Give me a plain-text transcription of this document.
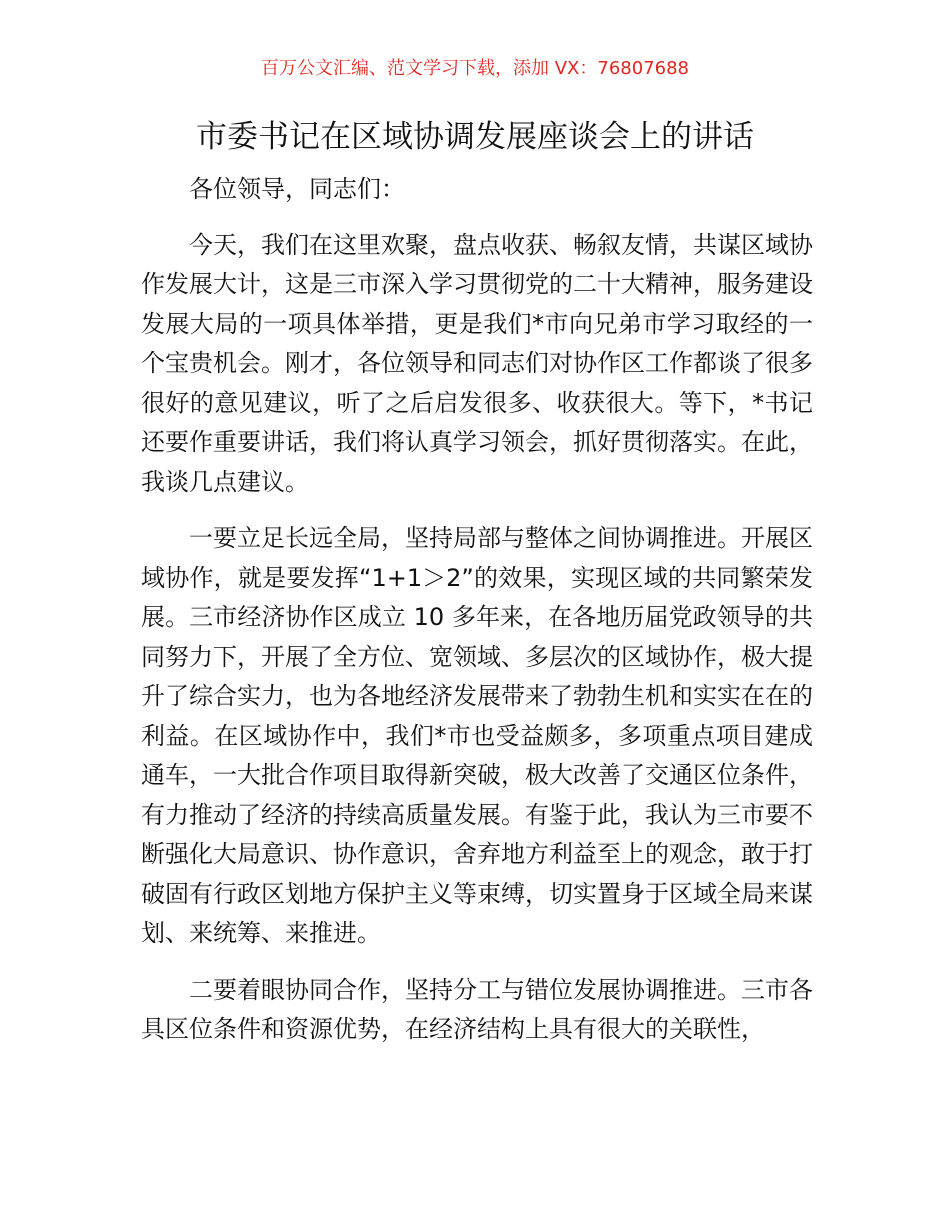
百万公文汇编、范文学习下载，添加 VX：76807688
市委书记在区域协调发展座谈会上的讲话

各位领导，同志们：

今天，我们在这里欢聚，盘点收获、畅叙友情，共谋区域协作发展大计，这是三市深入学习贯彻党的二十大精神，服务建设发展大局的一项具体举措，更是我们*市向兄弟市学习取经的一个宝贵机会。刚才，各位领导和同志们对协作区工作都谈了很多很好的意见建议，听了之后启发很多、收获很大。等下，*书记还要作重要讲话，我们将认真学习领会，抓好贯彻落实。在此，我谈几点建议。

一要立足长远全局，坚持局部与整体之间协调推进。开展区域协作，就是要发挥“1+1＞2”的效果，实现区域的共同繁荣发展。三市经济协作区成立 10 多年来，在各地历届党政领导的共同努力下，开展了全方位、宽领域、多层次的区域协作，极大提升了综合实力，也为各地经济发展带来了勃勃生机和实实在在的利益。在区域协作中，我们*市也受益颇多，多项重点项目建成通车，一大批合作项目取得新突破，极大改善了交通区位条件，有力推动了经济的持续高质量发展。有鉴于此，我认为三市要不断强化大局意识、协作意识，舍弃地方利益至上的观念，敢于打破固有行政区划地方保护主义等束缚，切实置身于区域全局来谋划、来统筹、来推进。

二要着眼协同合作，坚持分工与错位发展协调推进。三市各具区位条件和资源优势，在经济结构上具有很大的关联性，
